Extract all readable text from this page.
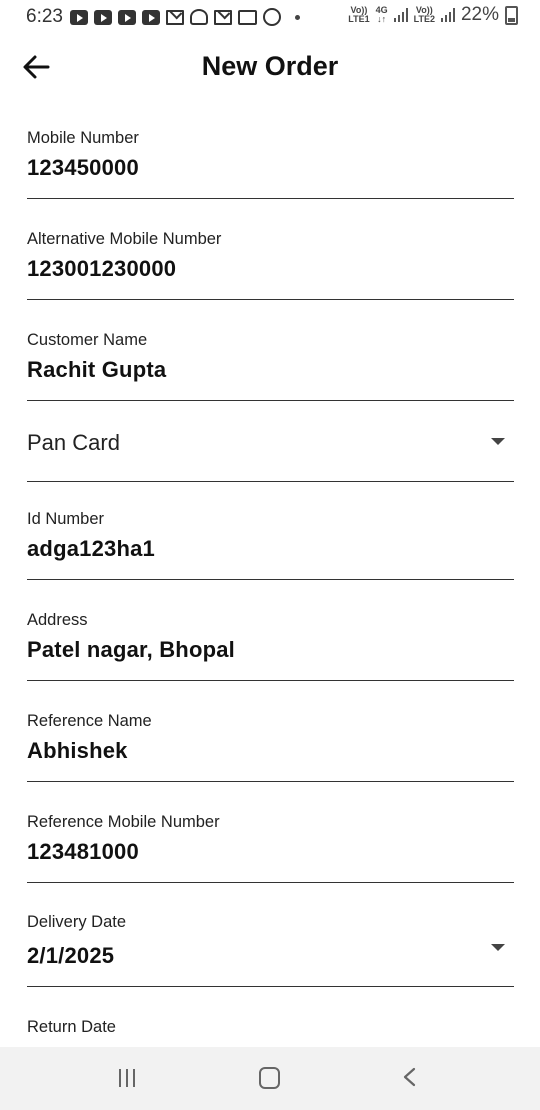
6:23	Vo))
LTE1
4G
↓↑
Vo))
LTE2 22%
New Order
Mobile Number
123450000
Alternative Mobile Number
123001230000
Customer Name
Rachit Gupta
Pan Card
Id Number
adga123ha1
Address
Patel nagar, Bhopal
Reference Name
Abhishek
Reference Mobile Number
123481000
Delivery Date
2/1/2025
Return Date
